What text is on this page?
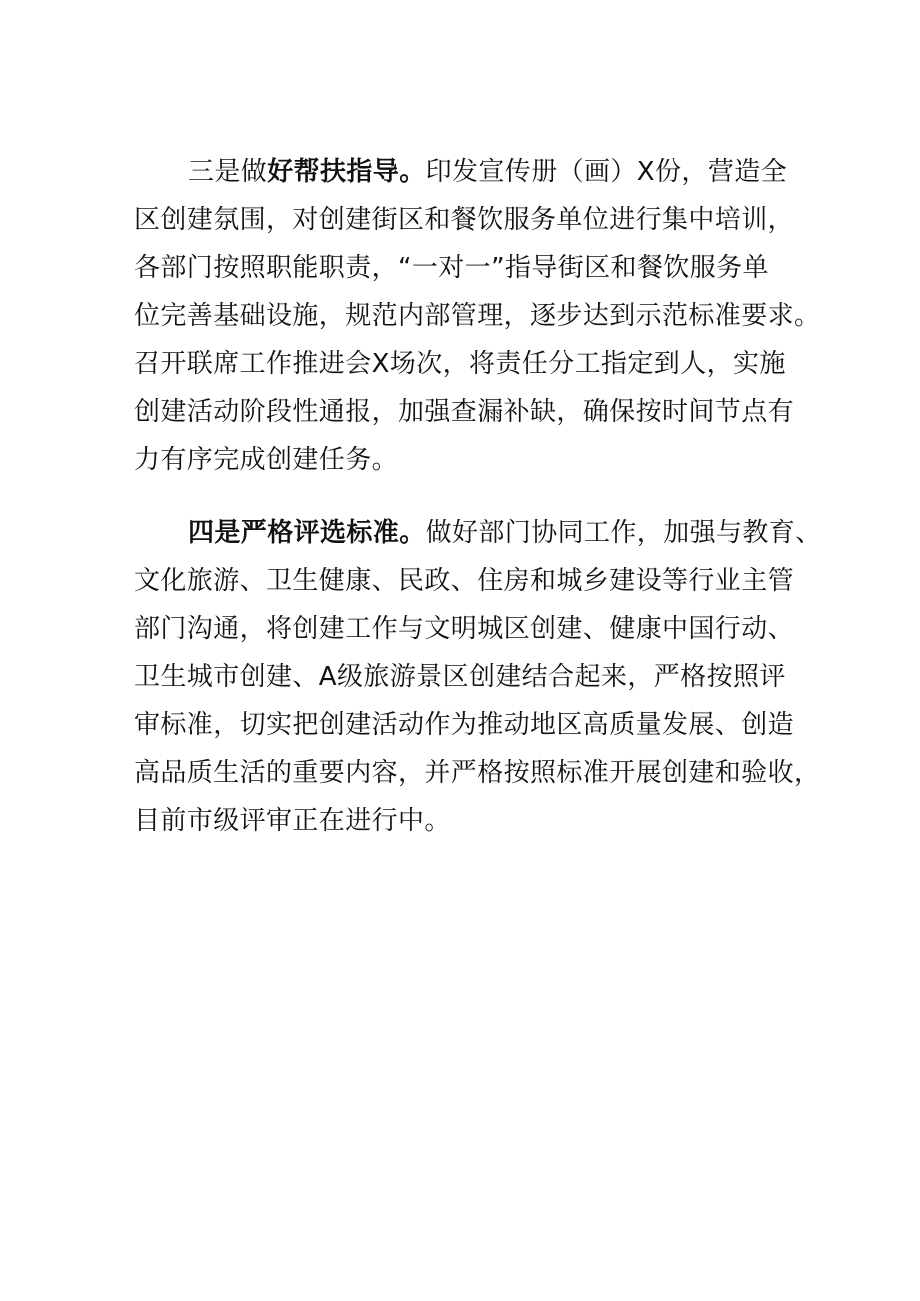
三是做好帮扶指导。印发宣传册（画）X份，营造全
区创建氛围，对创建街区和餐饮服务单位进行集中培训，
各部门按照职能职责，“一对一”指导街区和餐饮服务单
位完善基础设施，规范内部管理，逐步达到示范标准要求。
召开联席工作推进会X场次，将责任分工指定到人，实施
创建活动阶段性通报，加强查漏补缺，确保按时间节点有
力有序完成创建任务。
四是严格评选标准。做好部门协同工作，加强与教育、
文化旅游、卫生健康、民政、住房和城乡建设等行业主管
部门沟通，将创建工作与文明城区创建、健康中国行动、
卫生城市创建、A级旅游景区创建结合起来，严格按照评
审标准，切实把创建活动作为推动地区高质量发展、创造
高品质生活的重要内容，并严格按照标准开展创建和验收，
目前市级评审正在进行中。
